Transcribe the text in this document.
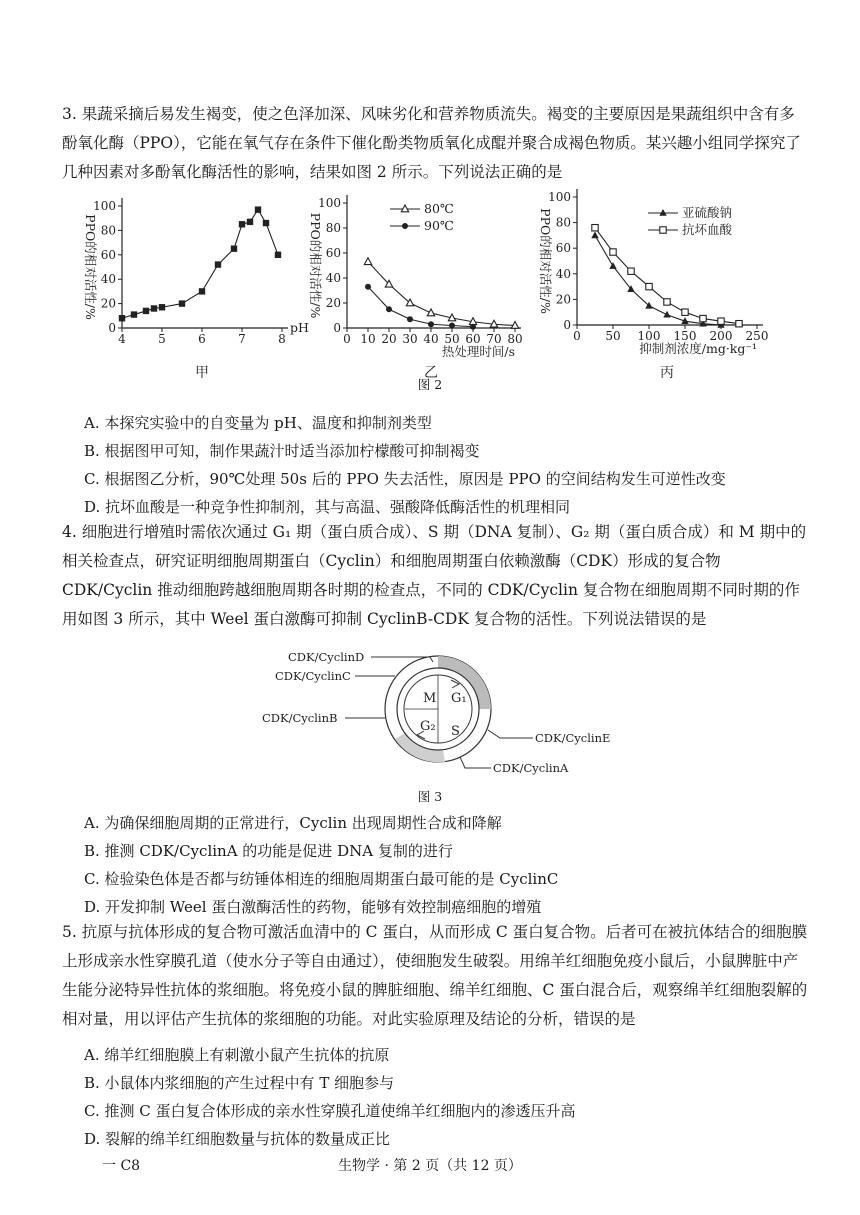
3. 果蔬采摘后易发生褐变，使之色泽加深、风味劣化和营养物质流失。褐变的主要原因是果蔬组织中含有多酚氧化酶（PPO），它能在氧气存在条件下催化酚类物质氧化成醌并聚合成褐色物质。某兴趣小组同学探究了几种因素对多酚氧化酶活性的影响，结果如图 2 所示。下列说法正确的是

4	5	6	7	8
0
20
40
60
80
100
PPO的相对活性/%
pH
甲
0 10 20 30 40 50 60 70 80
0
20
40
60
80
100
PPO的相对活性/%
热处理时间/s
80℃
90℃
乙
0 50 100 150 200 250
0
20
40
60
80
100
PPO的相对活性/%
抑制剂浓度/mg·kg⁻¹
亚硫酸钠
抗坏血酸
丙
图 2
A. 本探究实验中的自变量为 pH、温度和抑制剂类型
B. 根据图甲可知，制作果蔬汁时适当添加柠檬酸可抑制褐变
C. 根据图乙分析，90℃处理 50s 后的 PPO 失去活性，原因是 PPO 的空间结构发生可逆性改变
D. 抗坏血酸是一种竞争性抑制剂，其与高温、强酸降低酶活性的机理相同

4. 细胞进行增殖时需依次通过 G₁ 期（蛋白质合成）、S 期（DNA 复制）、G₂ 期（蛋白质合成）和 M 期中的相关检查点，研究证明细胞周期蛋白（Cyclin）和细胞周期蛋白依赖激酶（CDK）形成的复合物 CDK/Cyclin 推动细胞跨越细胞周期各时期的检查点，不同的 CDK/Cyclin 复合物在细胞周期不同时期的作用如图 3 所示，其中 Weel 蛋白激酶可抑制 CyclinB-CDK 复合物的活性。下列说法错误的是

M G₁
G₂ S
CDK/CyclinD
CDK/CyclinC
CDK/CyclinB
CDK/CyclinE
CDK/CyclinA
图 3
A. 为确保细胞周期的正常进行，Cyclin 出现周期性合成和降解
B. 推测 CDK/CyclinA 的功能是促进 DNA 复制的进行
C. 检验染色体是否都与纺锤体相连的细胞周期蛋白最可能的是 CyclinC
D. 开发抑制 Weel 蛋白激酶活性的药物，能够有效控制癌细胞的增殖

5. 抗原与抗体形成的复合物可激活血清中的 C 蛋白，从而形成 C 蛋白复合物。后者可在被抗体结合的细胞膜上形成亲水性穿膜孔道（使水分子等自由通过），使细胞发生破裂。用绵羊红细胞免疫小鼠后，小鼠脾脏中产生能分泌特异性抗体的浆细胞。将免疫小鼠的脾脏细胞、绵羊红细胞、C 蛋白混合后，观察绵羊红细胞裂解的相对量，用以评估产生抗体的浆细胞的功能。对此实验原理及结论的分析，错误的是

A. 绵羊红细胞膜上有刺激小鼠产生抗体的抗原
B. 小鼠体内浆细胞的产生过程中有 T 细胞参与
C. 推测 C 蛋白复合体形成的亲水性穿膜孔道使绵羊红细胞内的渗透压升高
D. 裂解的绵羊红细胞数量与抗体的数量成正比
一 C8	生物学 · 第 2 页（共 12 页）
